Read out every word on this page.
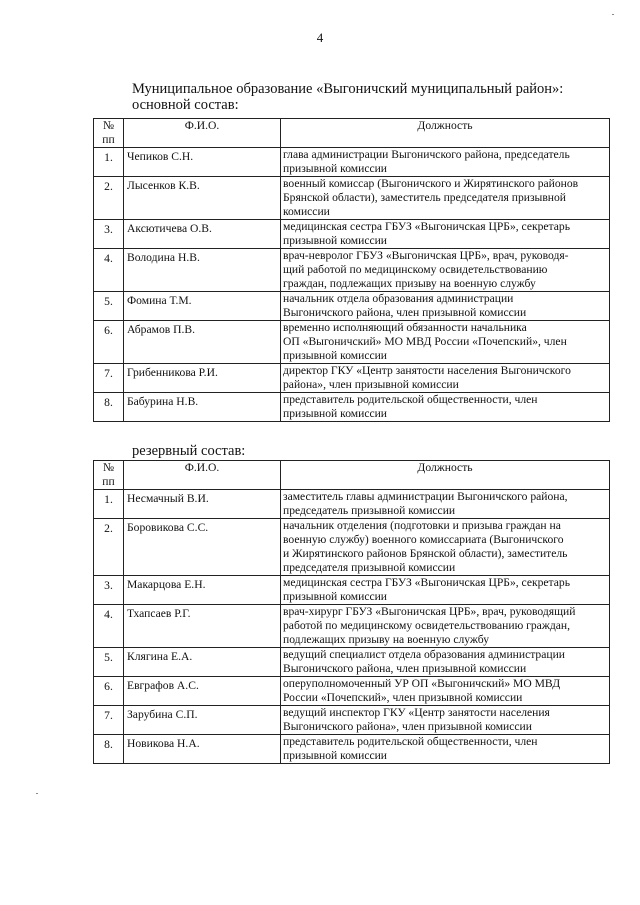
4
Муниципальное образование «Выгоничский муниципальный район»:
основной состав:
№ пп	Ф.И.О.	Должность
1.	Чепиков С.Н.	глава администрации Выгоничского района, председатель
призывной комиссии

2.	Лысенков К.В.	военный комиссар (Выгоничского и Жирятинского районов
Брянской области), заместитель председателя призывной
комиссии

3.	Аксютичева О.В.	медицинская сестра ГБУЗ «Выгоничская ЦРБ», секретарь
призывной комиссии

4.	Володина Н.В.	врач-невролог ГБУЗ «Выгоничская ЦРБ», врач, руководя-
щий работой по медицинскому освидетельствованию
граждан, подлежащих призыву на военную службу

5.	Фомина Т.М.	начальник отдела образования администрации
Выгоничского района, член призывной комиссии

6.	Абрамов П.В.	временно исполняющий обязанности начальника
ОП «Выгоничский» МО МВД России «Почепский», член
призывной комиссии

7.	Грибенникова Р.И.	директор ГКУ «Центр занятости населения Выгоничского
района», член призывной комиссии

8.	Бабурина Н.В.	представитель родительской общественности, член
призывной комиссии
резервный состав:
№ пп	Ф.И.О.	Должность
1.	Несмачный В.И.	заместитель главы администрации Выгоничского района,
председатель призывной комиссии

2.	Боровикова С.С.	начальник отделения (подготовки и призыва граждан на
военную службу) военного комиссариата (Выгоничского
и Жирятинского районов Брянской области), заместитель
председателя призывной комиссии

3.	Макарцова Е.Н.	медицинская сестра ГБУЗ «Выгоничская ЦРБ», секретарь
призывной комиссии

4.	Тхапсаев Р.Г.	врач-хирург ГБУЗ «Выгоничская ЦРБ», врач, руководящий
работой по медицинскому освидетельствованию граждан,
подлежащих призыву на военную службу

5.	Клягина Е.А.	ведущий специалист отдела образования администрации
Выгоничского района, член призывной комиссии

6.	Евграфов А.С.	оперуполномоченный УР ОП «Выгоничский» МО МВД
России «Почепский», член призывной комиссии

7.	Зарубина С.П.	ведущий инспектор ГКУ «Центр занятости населения
Выгоничского района», член призывной комиссии

8.	Новикова Н.А.	представитель родительской общественности, член
призывной комиссии
